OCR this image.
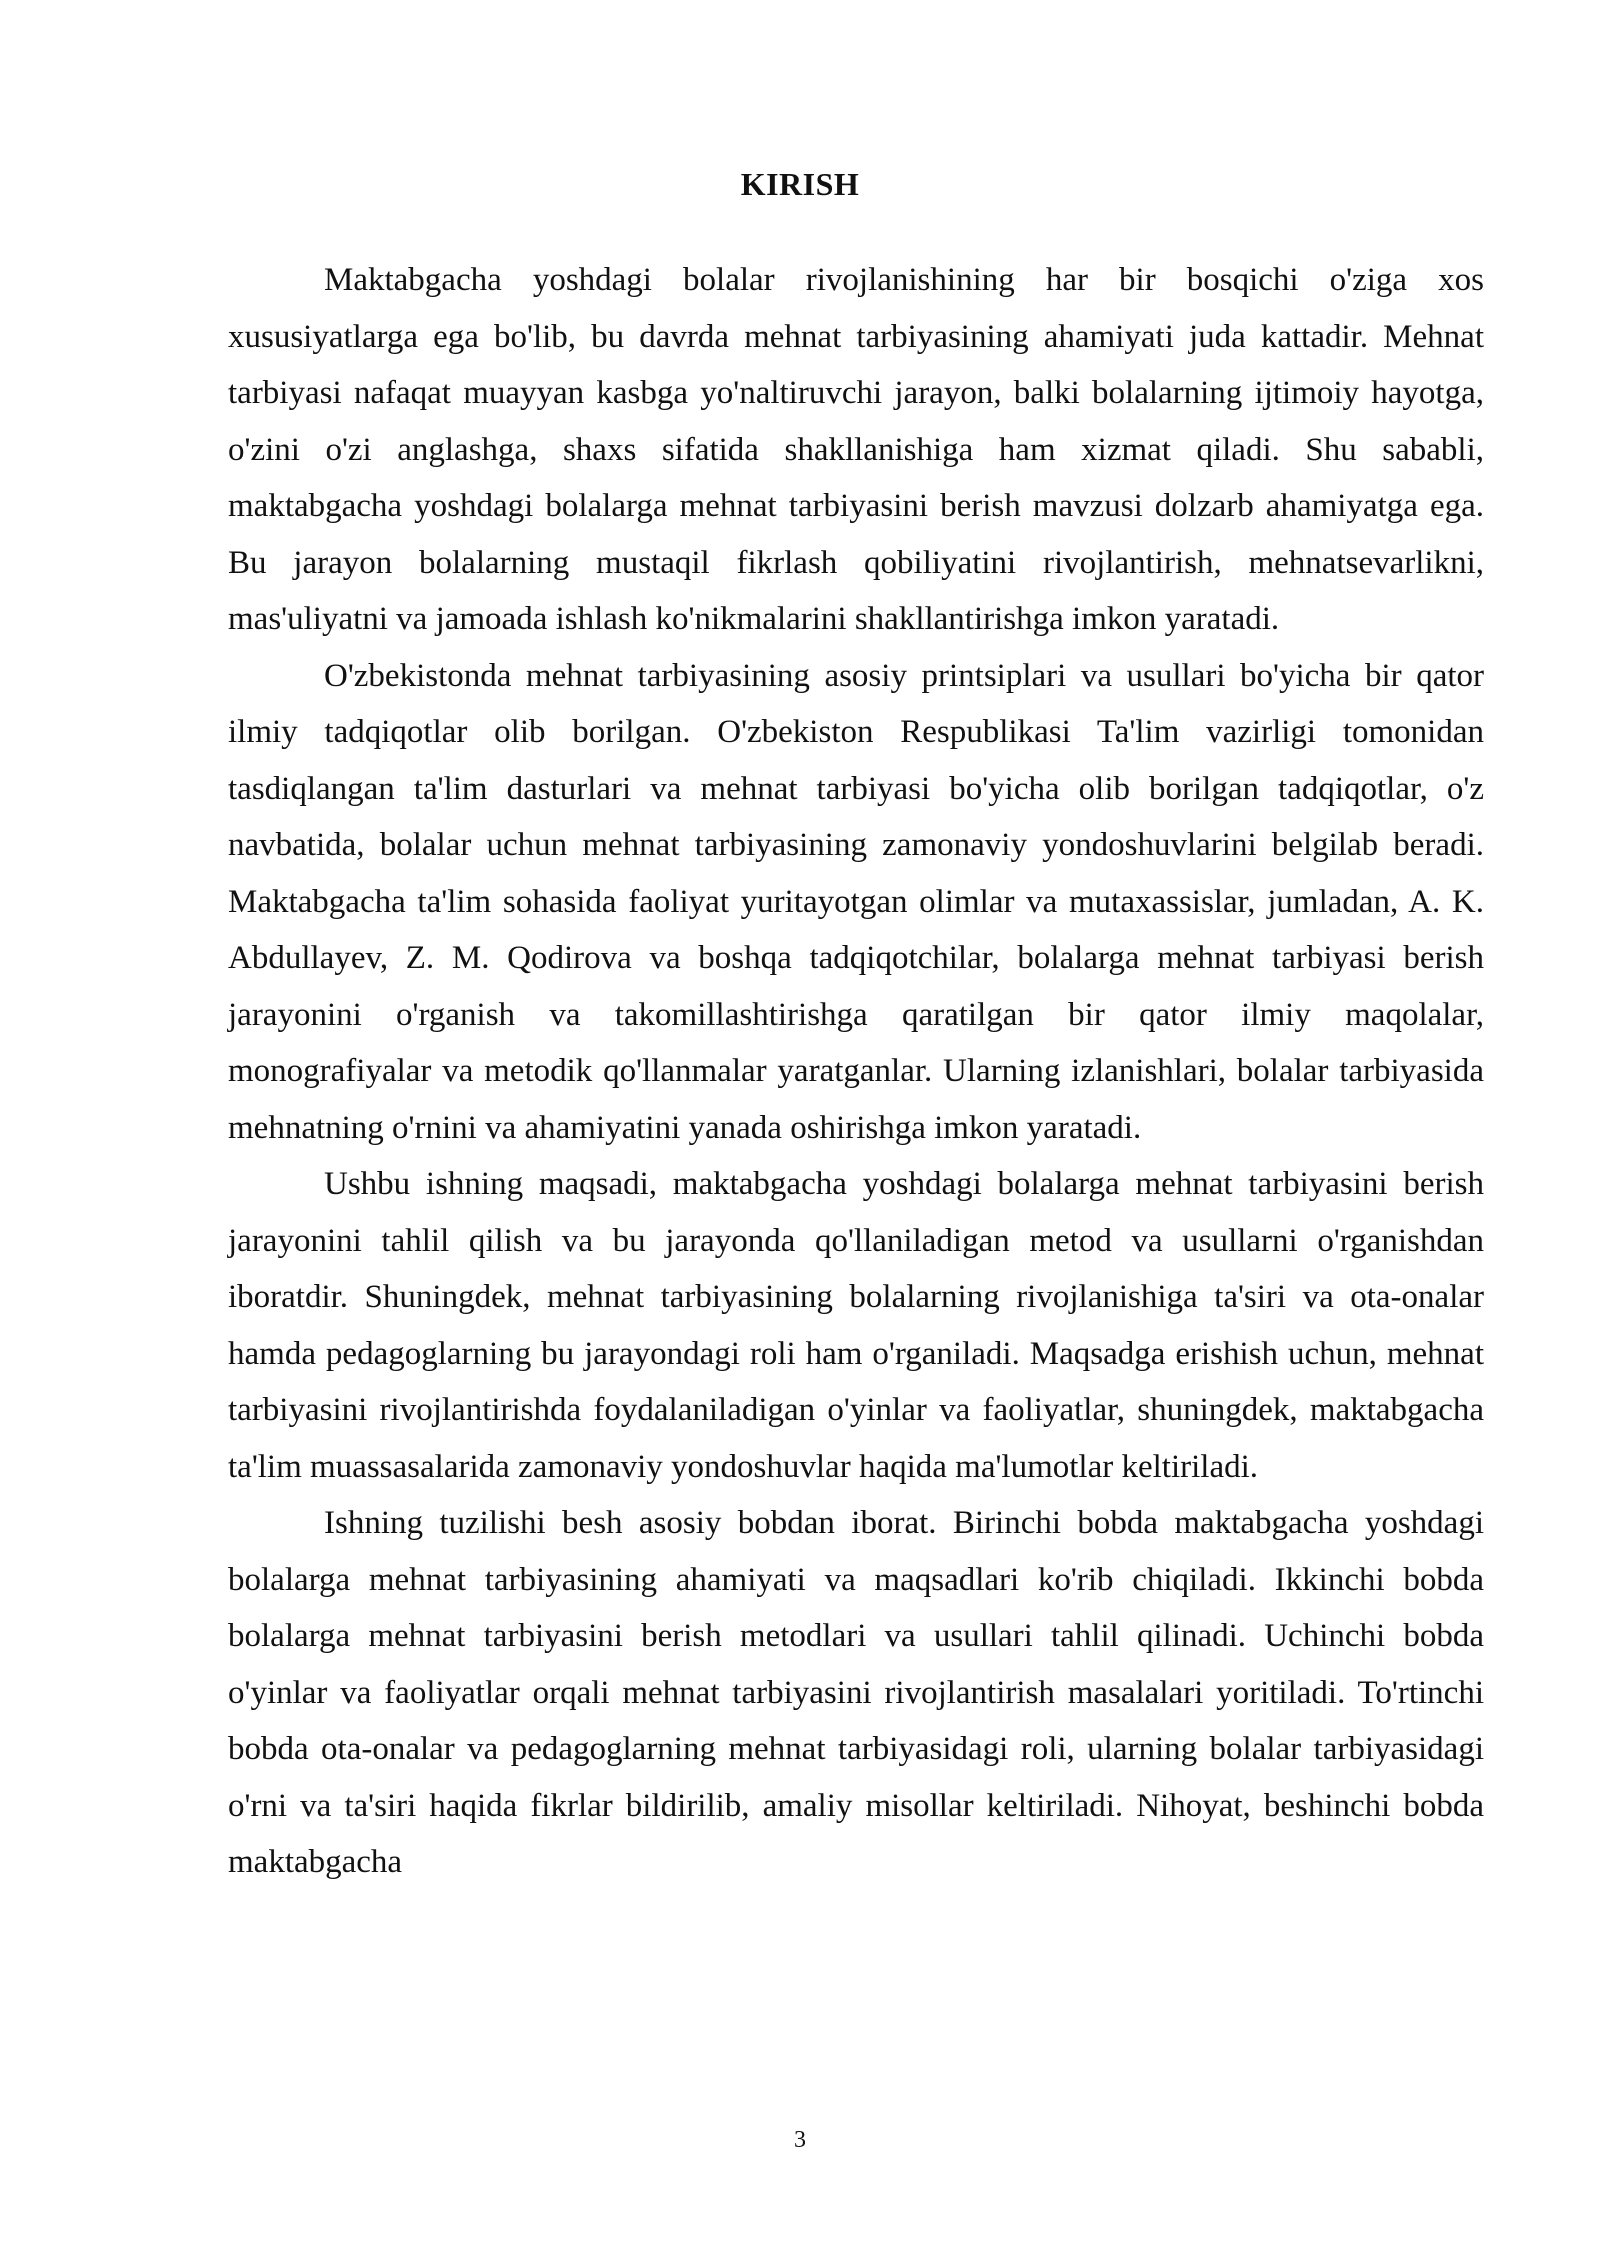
KIRISH

Maktabgacha yoshdagi bolalar rivojlanishining har bir bosqichi o'ziga xos xususiyatlarga ega bo'lib, bu davrda mehnat tarbiyasining ahamiyati juda kattadir. Mehnat tarbiyasi nafaqat muayyan kasbga yo'naltiruvchi jarayon, balki bolalarning ijtimoiy hayotga, o'zini o'zi anglashga, shaxs sifatida shakllanishiga ham xizmat qiladi. Shu sababli, maktabgacha yoshdagi bolalarga mehnat tarbiyasini berish mavzusi dolzarb ahamiyatga ega. Bu jarayon bolalarning mustaqil fikrlash qobiliyatini rivojlantirish, mehnatsevarlikni, mas'uliyatni va jamoada ishlash ko'nikmalarini shakllantirishga imkon yaratadi.

O'zbekistonda mehnat tarbiyasining asosiy printsiplari va usullari bo'yicha bir qator ilmiy tadqiqotlar olib borilgan. O'zbekiston Respublikasi Ta'lim vazirligi tomonidan tasdiqlangan ta'lim dasturlari va mehnat tarbiyasi bo'yicha olib borilgan tadqiqotlar, o'z navbatida, bolalar uchun mehnat tarbiyasining zamonaviy yondoshuvlarini belgilab beradi. Maktabgacha ta'lim sohasida faoliyat yuritayotgan olimlar va mutaxassislar, jumladan, A. K. Abdullayev, Z. M. Qodirova va boshqa tadqiqotchilar, bolalarga mehnat tarbiyasi berish jarayonini o'rganish va takomillashtirishga qaratilgan bir qator ilmiy maqolalar, monografiyalar va metodik qo'llanmalar yaratganlar. Ularning izlanishlari, bolalar tarbiyasida mehnatning o'rnini va ahamiyatini yanada oshirishga imkon yaratadi.

Ushbu ishning maqsadi, maktabgacha yoshdagi bolalarga mehnat tarbiyasini berish jarayonini tahlil qilish va bu jarayonda qo'llaniladigan metod va usullarni o'rganishdan iboratdir. Shuningdek, mehnat tarbiyasining bolalarning rivojlanishiga ta'siri va ota-onalar hamda pedagoglarning bu jarayondagi roli ham o'rganiladi. Maqsadga erishish uchun, mehnat tarbiyasini rivojlantirishda foydalaniladigan o'yinlar va faoliyatlar, shuningdek, maktabgacha ta'lim muassasalarida zamonaviy yondoshuvlar haqida ma'lumotlar keltiriladi.

Ishning tuzilishi besh asosiy bobdan iborat. Birinchi bobda maktabgacha yoshdagi bolalarga mehnat tarbiyasining ahamiyati va maqsadlari ko'rib chiqiladi. Ikkinchi bobda bolalarga mehnat tarbiyasini berish metodlari va usullari tahlil qilinadi. Uchinchi bobda o'yinlar va faoliyatlar orqali mehnat tarbiyasini rivojlantirish masalalari yoritiladi. To'rtinchi bobda ota-onalar va pedagoglarning mehnat tarbiyasidagi roli, ularning bolalar tarbiyasidagi o'rni va ta'siri haqida fikrlar bildirilib, amaliy misollar keltiriladi. Nihoyat, beshinchi bobda maktabgacha

3
